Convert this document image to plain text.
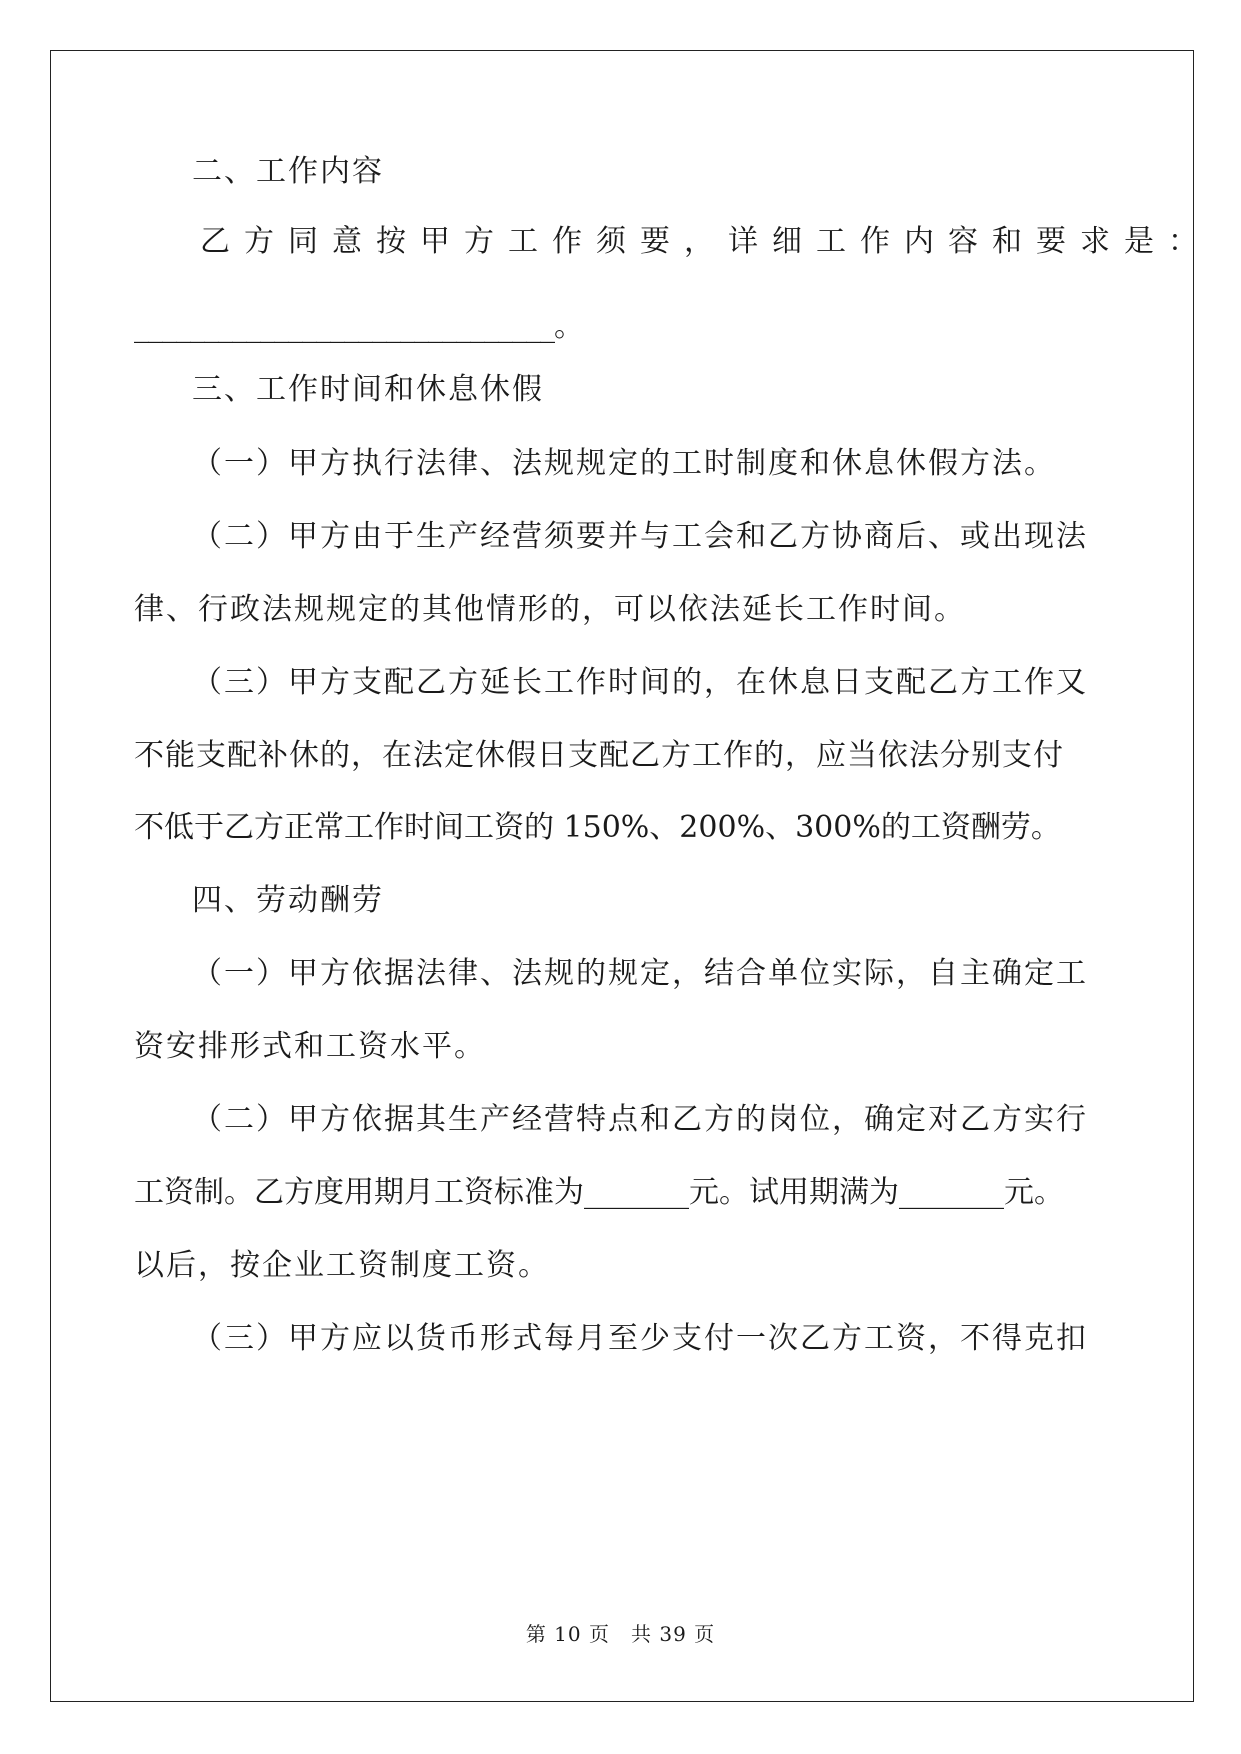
二、工作内容
乙方同意按甲方工作须要，详细工作内容和要求是：
______________________________。
三、工作时间和休息休假
（一）甲方执行法律、法规规定的工时制度和休息休假方法。
（二）甲方由于生产经营须要并与工会和乙方协商后、或出现法
律、行政法规规定的其他情形的，可以依法延长工作时间。
（三）甲方支配乙方延长工作时间的，在休息日支配乙方工作又
不能支配补休的，在法定休假日支配乙方工作的，应当依法分别支付
不低于乙方正常工作时间工资的 150%、200%、300%的工资酬劳。
四、劳动酬劳
（一）甲方依据法律、法规的规定，结合单位实际，自主确定工
资安排形式和工资水平。
（二）甲方依据其生产经营特点和乙方的岗位，确定对乙方实行
工资制。乙方度用期月工资标准为_______元。试用期满为_______元。
以后，按企业工资制度工资。
（三）甲方应以货币形式每月至少支付一次乙方工资，不得克扣
第 10 页　共 39 页
